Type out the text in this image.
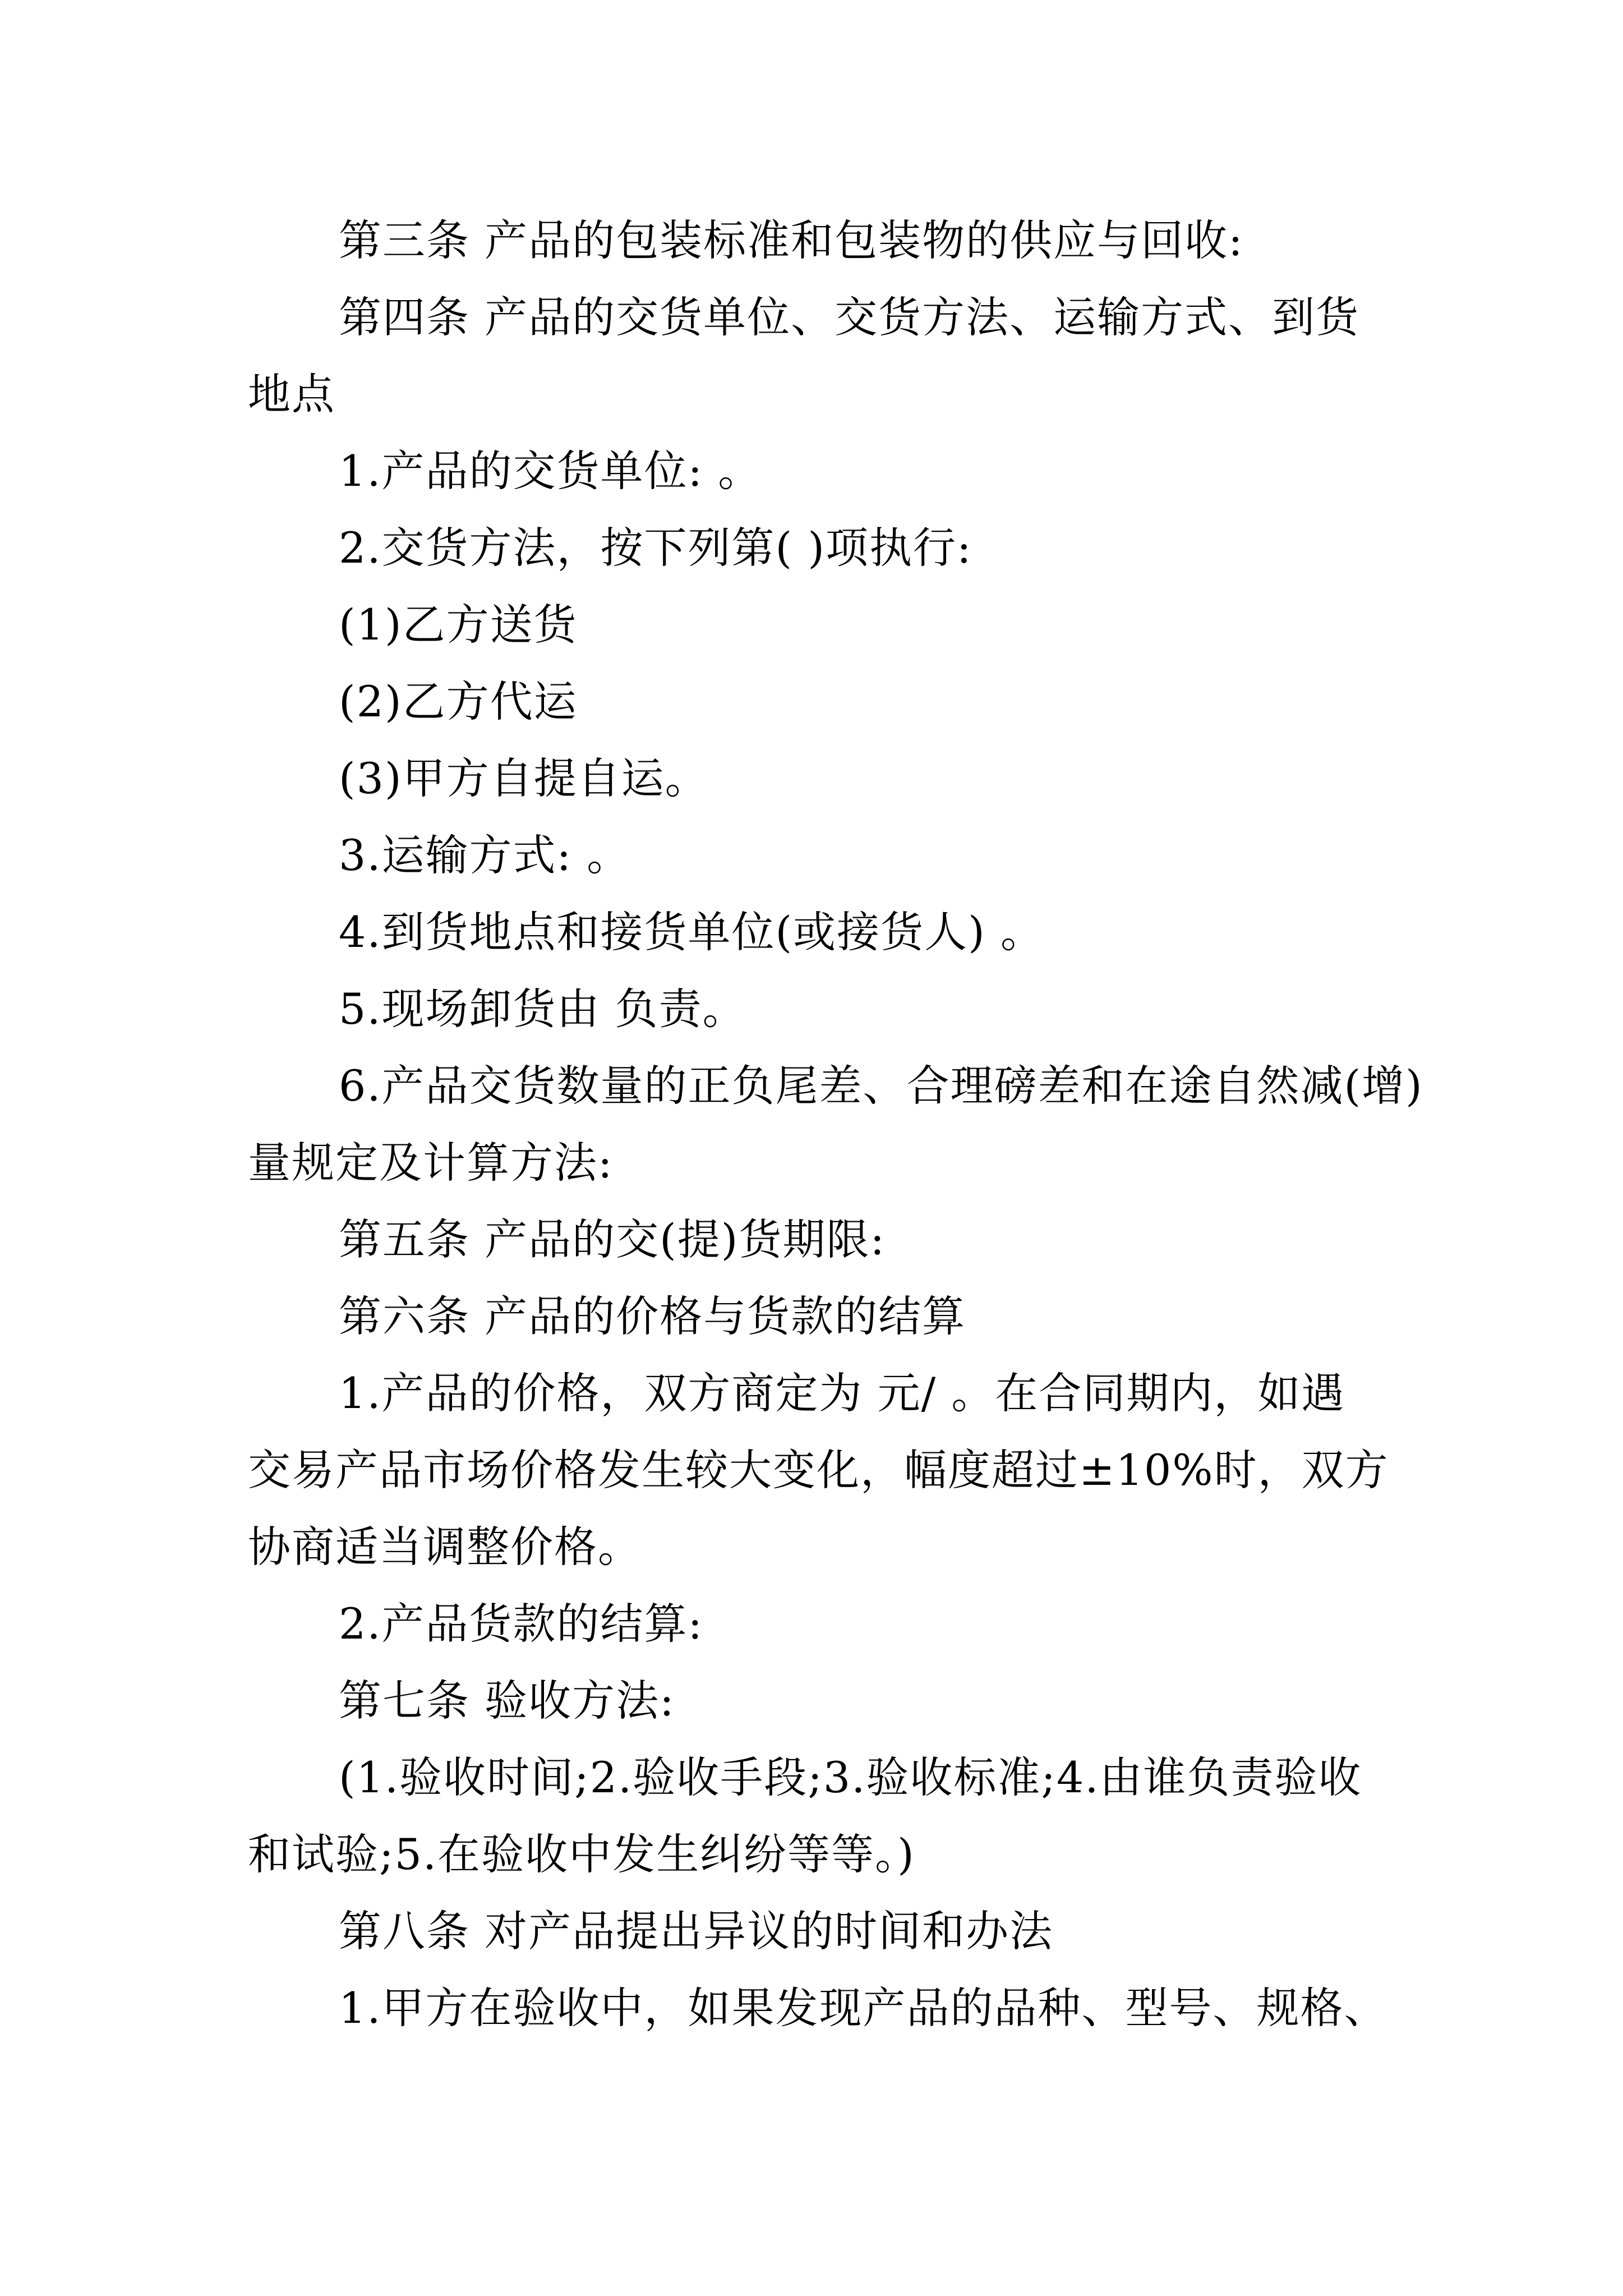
第三条 产品的包装标准和包装物的供应与回收:
第四条 产品的交货单位、交货方法、运输方式、到货
地点
1.产品的交货单位: 。
2.交货方法，按下列第( )项执行:
(1)乙方送货
(2)乙方代运
(3)甲方自提自运。
3.运输方式: 。
4.到货地点和接货单位(或接货人) 。
5.现场卸货由 负责。
6.产品交货数量的正负尾差、合理磅差和在途自然减(增)
量规定及计算方法:
第五条 产品的交(提)货期限:
第六条 产品的价格与货款的结算
1.产品的价格，双方商定为 元/ 。在合同期内，如遇
交易产品市场价格发生较大变化，幅度超过±10%时，双方
协商适当调整价格。
2.产品货款的结算:
第七条 验收方法:
(1.验收时间;2.验收手段;3.验收标准;4.由谁负责验收
和试验;5.在验收中发生纠纷等等。)
第八条 对产品提出异议的时间和办法
1.甲方在验收中，如果发现产品的品种、型号、规格、
